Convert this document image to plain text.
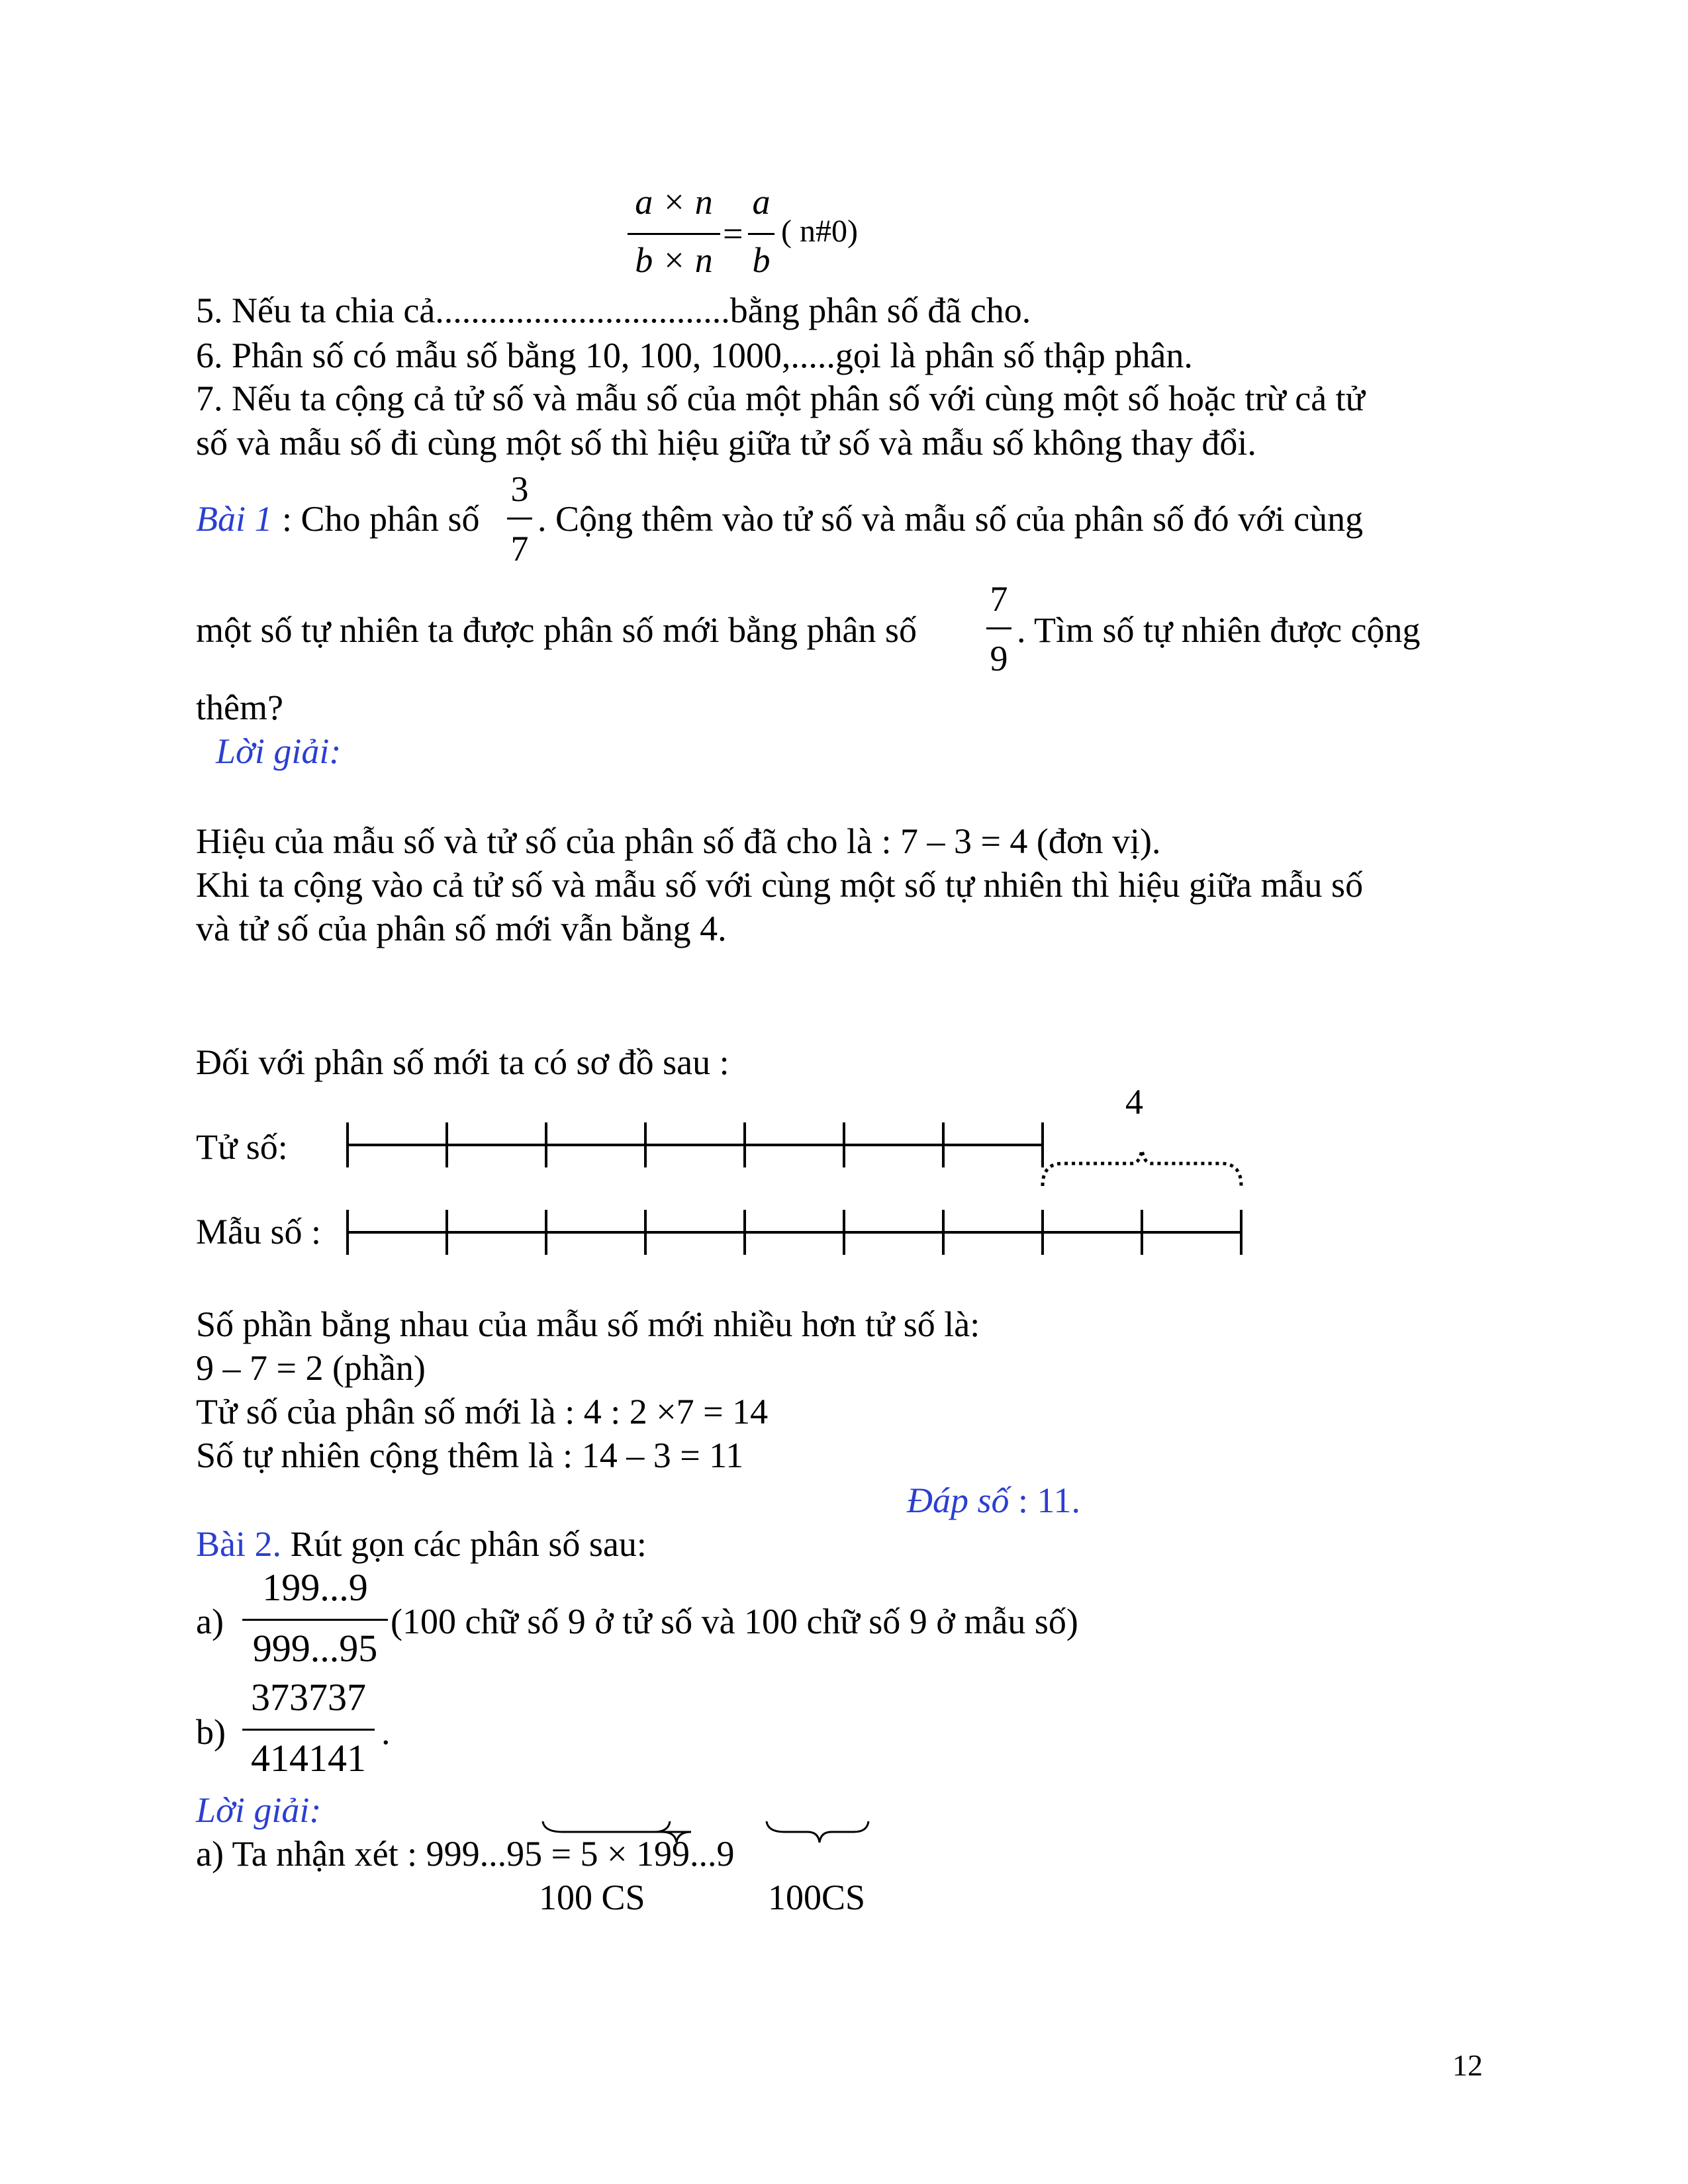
a × n
b × n
=
a
b
( n#0)
5. Nếu ta chia cả.................................bằng phân số đã cho.
6. Phân số có mẫu số bằng 10, 100, 1000,.....gọi là phân số thập phân.
7. Nếu ta cộng cả tử số và mẫu số của một phân số với cùng một số hoặc trừ cả tử
số và mẫu số đi cùng một số thì hiệu giữa tử số và mẫu số không thay đổi.
Bài 1 : Cho phân số
3
7
. Cộng thêm vào tử số và mẫu số của phân số đó với cùng
một số tự nhiên ta được phân số mới bằng phân số
7
9
. Tìm số tự nhiên được cộng
thêm?
Lời giải:
Hiệu của mẫu số và tử số của phân số đã cho là : 7 – 3 = 4 (đơn vị).
Khi ta cộng vào cả tử số và mẫu số với cùng một số tự nhiên thì hiệu giữa mẫu số
và tử số của phân số mới vẫn bằng 4.
Đối với phân số mới ta có sơ đồ sau :
Tử số:
Mẫu số :
4
Số phần bằng nhau của mẫu số mới nhiều hơn tử số là:
9 – 7 = 2 (phần)
Tử số của phân số mới là : 4 : 2 ×7 = 14
Số tự nhiên cộng thêm là : 14 – 3 = 11
Đáp số : 11.
Bài 2. Rút gọn các phân số sau:
a)
199...9
999...95
(100 chữ số 9 ở tử số và 100 chữ số 9 ở mẫu số)
b)
373737
414141
.
Lời giải:
a) Ta nhận xét : 999...95 = 5 × 199...9
100 CS	100CS
12
